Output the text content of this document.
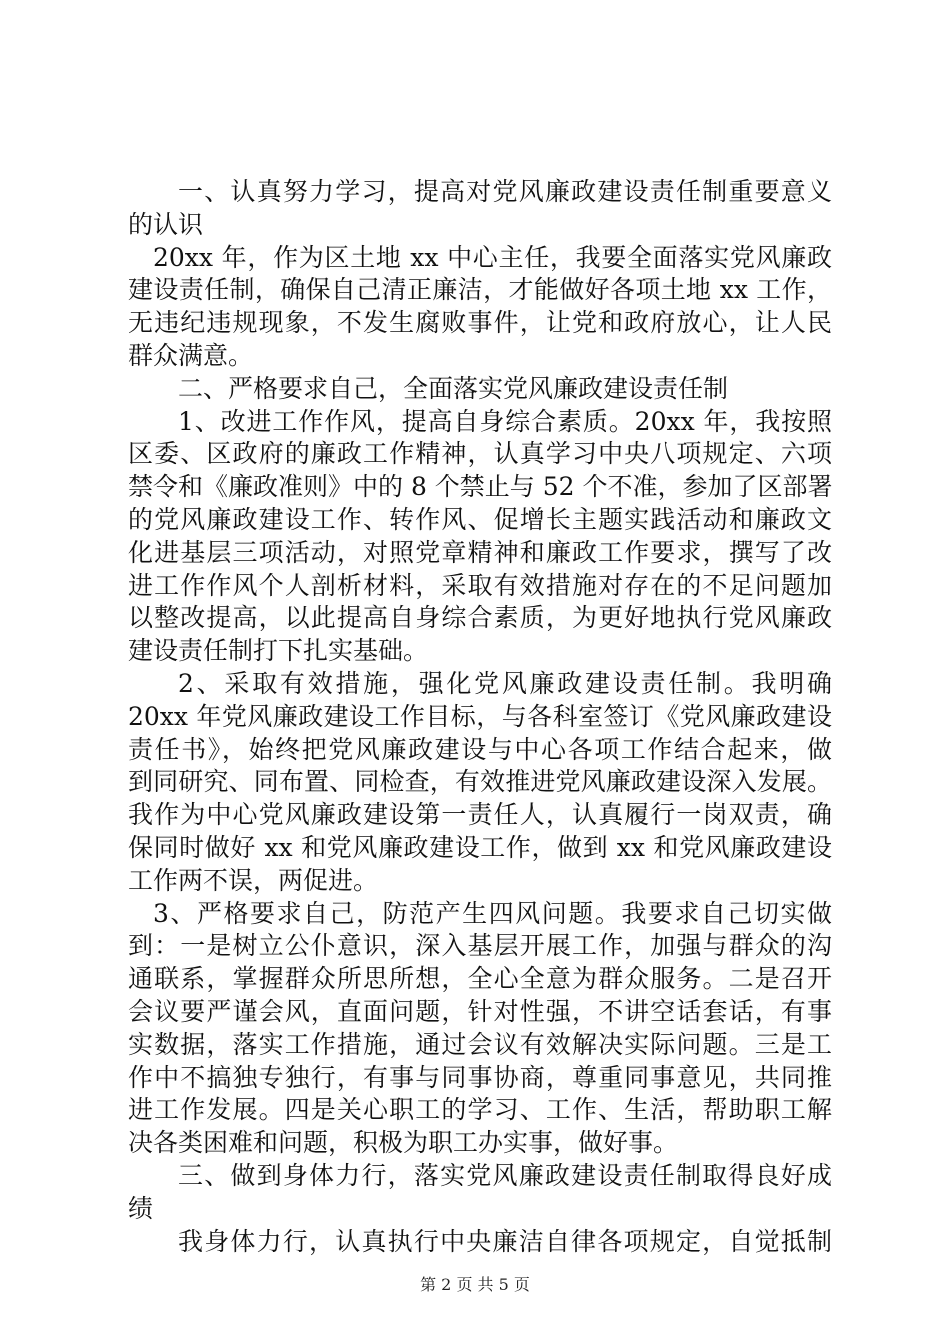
一、认真努力学习，提高对党风廉政建设责任制重要意义
的认识
20xx 年，作为区土地 xx 中心主任，我要全面落实党风廉政
建设责任制，确保自己清正廉洁，才能做好各项土地 xx 工作，
无违纪违规现象，不发生腐败事件，让党和政府放心，让人民
群众满意。
二、严格要求自己，全面落实党风廉政建设责任制
1、改进工作作风，提高自身综合素质。20xx 年，我按照
区委、区政府的廉政工作精神，认真学习中央八项规定、六项
禁令和《廉政准则》中的 8 个禁止与 52 个不准，参加了区部署
的党风廉政建设工作、转作风、促增长主题实践活动和廉政文
化进基层三项活动，对照党章精神和廉政工作要求，撰写了改
进工作作风个人剖析材料，采取有效措施对存在的不足问题加
以整改提高，以此提高自身综合素质，为更好地执行党风廉政
建设责任制打下扎实基础。
2、采取有效措施，强化党风廉政建设责任制。我明确
20xx 年党风廉政建设工作目标，与各科室签订《党风廉政建设
责任书》，始终把党风廉政建设与中心各项工作结合起来，做
到同研究、同布置、同检查，有效推进党风廉政建设深入发展。
我作为中心党风廉政建设第一责任人，认真履行一岗双责，确
保同时做好 xx 和党风廉政建设工作，做到 xx 和党风廉政建设
工作两不误，两促进。
3、严格要求自己，防范产生四风问题。我要求自己切实做
到：一是树立公仆意识，深入基层开展工作，加强与群众的沟
通联系，掌握群众所思所想，全心全意为群众服务。二是召开
会议要严谨会风，直面问题，针对性强，不讲空话套话，有事
实数据，落实工作措施，通过会议有效解决实际问题。三是工
作中不搞独专独行，有事与同事协商，尊重同事意见，共同推
进工作发展。四是关心职工的学习、工作、生活，帮助职工解
决各类困难和问题，积极为职工办实事，做好事。
三、做到身体力行，落实党风廉政建设责任制取得良好成
绩
我身体力行，认真执行中央廉洁自律各项规定，自觉抵制
第 2 页 共 5 页
